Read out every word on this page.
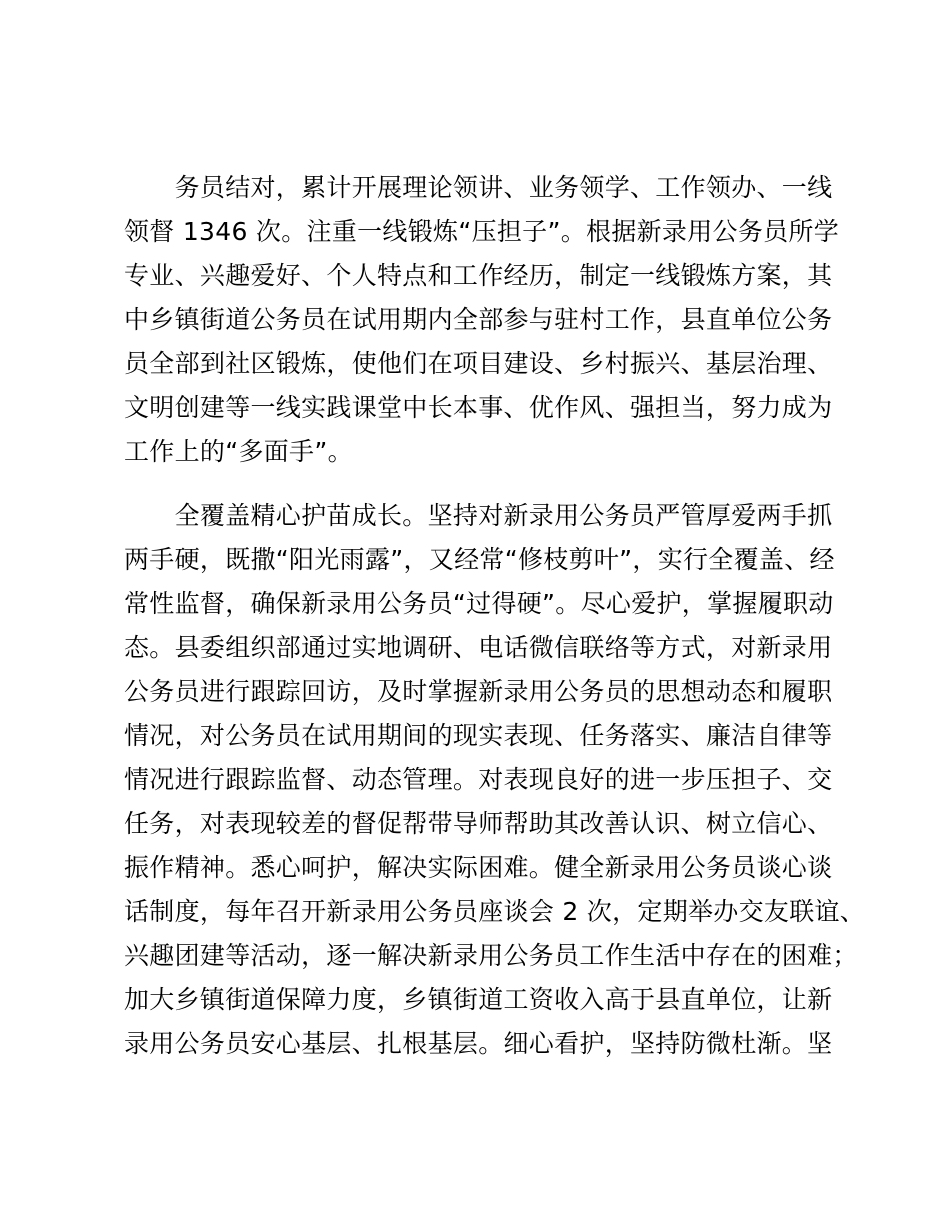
　　务员结对，累计开展理论领讲、业务领学、工作领办、一线
领督 1346 次。注重一线锻炼“压担子”。根据新录用公务员所学
专业、兴趣爱好、个人特点和工作经历，制定一线锻炼方案，其
中乡镇街道公务员在试用期内全部参与驻村工作，县直单位公务
员全部到社区锻炼，使他们在项目建设、乡村振兴、基层治理、
文明创建等一线实践课堂中长本事、优作风、强担当，努力成为
工作上的“多面手”。

　　全覆盖精心护苗成长。坚持对新录用公务员严管厚爱两手抓
两手硬，既撒“阳光雨露”，又经常“修枝剪叶”，实行全覆盖、经
常性监督，确保新录用公务员“过得硬”。尽心爱护，掌握履职动
态。县委组织部通过实地调研、电话微信联络等方式，对新录用
公务员进行跟踪回访，及时掌握新录用公务员的思想动态和履职
情况，对公务员在试用期间的现实表现、任务落实、廉洁自律等
情况进行跟踪监督、动态管理。对表现良好的进一步压担子、交
任务，对表现较差的督促帮带导师帮助其改善认识、树立信心、
振作精神。悉心呵护，解决实际困难。健全新录用公务员谈心谈
话制度，每年召开新录用公务员座谈会 2 次，定期举办交友联谊、
兴趣团建等活动，逐一解决新录用公务员工作生活中存在的困难；
加大乡镇街道保障力度，乡镇街道工资收入高于县直单位，让新
录用公务员安心基层、扎根基层。细心看护，坚持防微杜渐。坚
